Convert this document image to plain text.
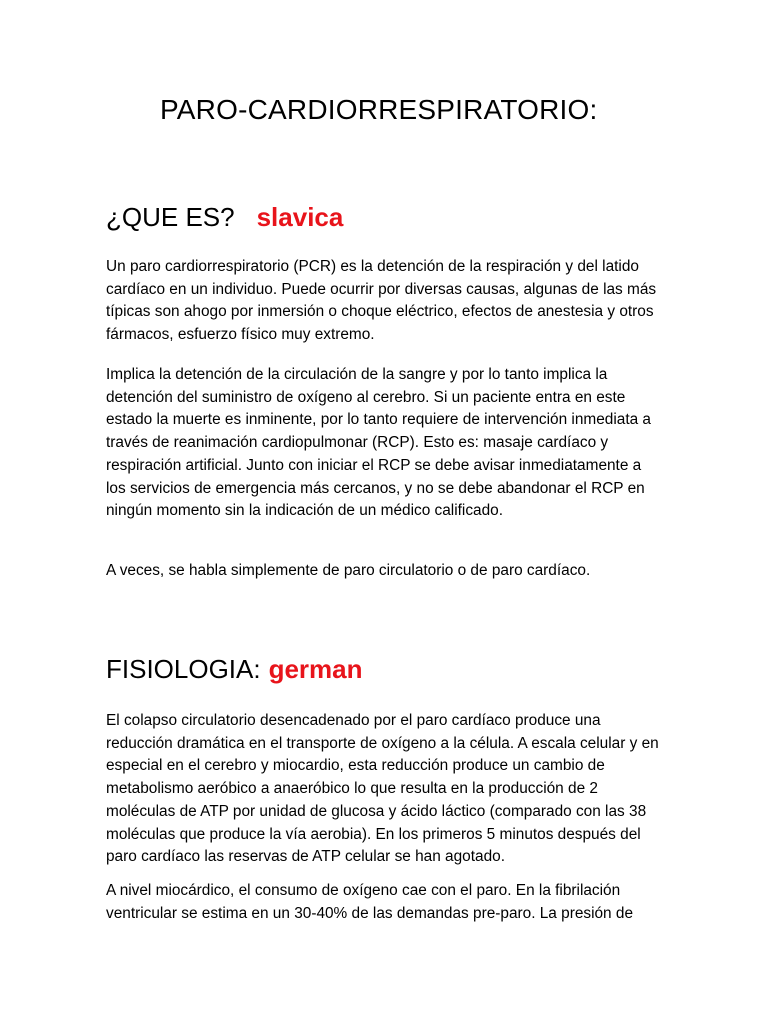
PARO-CARDIORRESPIRATORIO:
¿QUE ES? slavica

Un paro cardiorrespiratorio (PCR) es la detención de la respiración y del latido cardíaco en un individuo. Puede ocurrir por diversas causas, algunas de las más típicas son ahogo por inmersión o choque eléctrico, efectos de anestesia y otros fármacos, esfuerzo físico muy extremo.

Implica la detención de la circulación de la sangre y por lo tanto implica la detención del suministro de oxígeno al cerebro. Si un paciente entra en este estado la muerte es inminente, por lo tanto requiere de intervención inmediata a través de reanimación cardiopulmonar (RCP). Esto es: masaje cardíaco y respiración artificial. Junto con iniciar el RCP se debe avisar inmediatamente a los servicios de emergencia más cercanos, y no se debe abandonar el RCP en ningún momento sin la indicación de un médico calificado.

A veces, se habla simplemente de paro circulatorio o de paro cardíaco.

FISIOLOGIA: german

El colapso circulatorio desencadenado por el paro cardíaco produce una reducción dramática en el transporte de oxígeno a la célula. A escala celular y en especial en el cerebro y miocardio, esta reducción produce un cambio de metabolismo aeróbico a anaeróbico lo que resulta en la producción de 2 moléculas de ATP por unidad de glucosa y ácido láctico (comparado con las 38 moléculas que produce la vía aerobia). En los primeros 5 minutos después del paro cardíaco las reservas de ATP celular se han agotado.

A nivel miocárdico, el consumo de oxígeno cae con el paro. En la fibrilación ventricular se estima en un 30-40% de las demandas pre-paro. La presión de
